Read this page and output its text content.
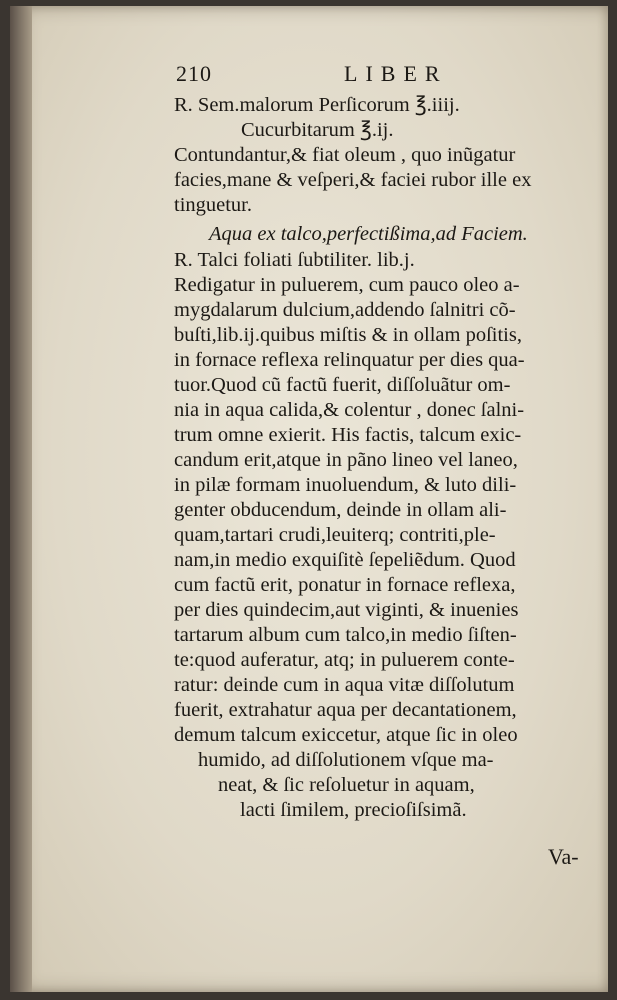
210	LIBER
R. Sem.malorum Perſicorum ℥.iiij.
Cucurbitarum ℥.ij.
Contundantur,& fiat oleum , quo inũgatur
facies,mane & veſperi,& faciei rubor ille ex
tinguetur.
Aqua ex talco,perfectißima,ad Faciem.
R. Talci foliati ſubtiliter. lib.j.
Redigatur in puluerem, cum pauco oleo a-
mygdalarum dulcium,addendo ſalnitri cõ-
buſti,lib.ij.quibus miſtis & in ollam poſitis,
in fornace reflexa relinquatur per dies qua-
tuor.Quod cũ factũ fuerit, diſſoluãtur om-
nia in aqua calida,& colentur , donec ſalni-
trum omne exierit. His factis, talcum exic-
candum erit,atque in pãno lineo vel laneo,
in pilæ formam inuoluendum, & luto dili-
genter obducendum, deinde in ollam ali-
quam,tartari crudi,leuiterq; contriti,ple-
nam,in medio exquiſitè ſepeliẽdum. Quod
cum factũ erit, ponatur in fornace reflexa,
per dies quindecim,aut viginti, & inuenies
tartarum album cum talco,in medio ſiſten-
te:quod auferatur, atq; in puluerem conte-
ratur: deinde cum in aqua vitæ diſſolutum
fuerit, extrahatur aqua per decantationem,
demum talcum exiccetur, atque ſic in oleo
humido, ad diſſolutionem vſque ma-
neat, & ſic reſoluetur in aquam,
lacti ſimilem, precioſiſsimã.
Va-
